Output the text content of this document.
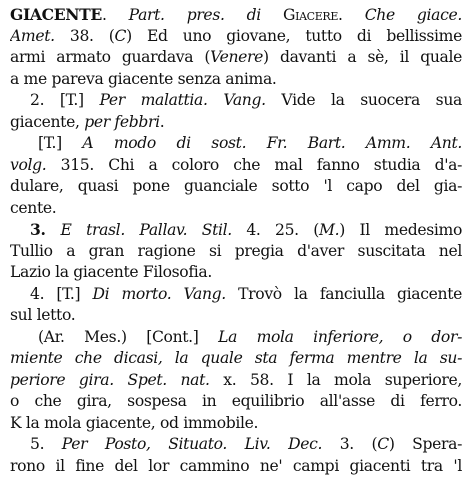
GIACENTE. Part. pres. di Giacere. Che giace.
Amet. 38. (C) Ed uno giovane, tutto di bellissime
armi armato guardava (Venere) davanti a sè, il quale
a me pareva giacente senza anima.
2. [T.] Per malattia. Vang. Vide la suocera sua
giacente, per febbri.
[T.] A modo di sost. Fr. Bart. Amm. Ant.
volg. 315. Chi a coloro che mal fanno studia d'a-
dulare, quasi pone guanciale sotto 'l capo del gia-
cente.
3. E trasl. Pallav. Stil. 4. 25. (M.) Il medesimo
Tullio a gran ragione si pregia d'aver suscitata nel
Lazio la giacente Filosofia.
4. [T.] Di morto. Vang. Trovò la fanciulla giacente
sul letto.
(Ar. Mes.) [Cont.] La mola inferiore, o dor-
miente che dicasi, la quale sta ferma mentre la su-
periore gira. Spet. nat. x. 58. I la mola superiore,
o che gira, sospesa in equilibrio all'asse di ferro.
K la mola giacente, od immobile.
5. Per Posto, Situato. Liv. Dec. 3. (C) Spera-
rono il fine del lor cammino ne' campi giacenti tra 'l
